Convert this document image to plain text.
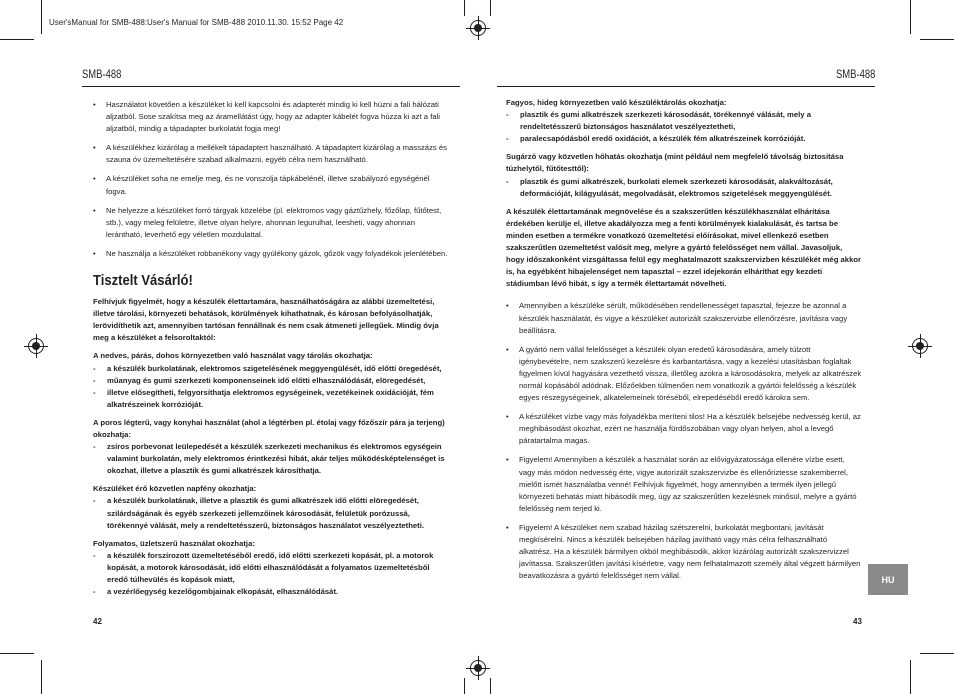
User'sManual for SMB-488:User's Manual for SMB-488 2010.11.30. 15:52 Page 42
SMB-488
• Használatot követően a készüléket ki kell kapcsolni és adapterét mindig ki kell húzni a fali hálózati aljzatból. Sose szakítsa meg az áramellátást úgy, hogy az adapter kábelét fogva húzza ki azt a fali aljzatból, mindig a tápadapter burkolatát fogja meg!
• A készülékhez kizárólag a mellékelt tápadaptert használható. A tápadaptert kizárólag a masszázs és szauna óv üzemeltetésére szabad alkalmazni, egyéb célra nem használható.
• A készüléket soha ne emelje meg, és ne vonszolja tápkábelénél, illetve szabályozó egységénél fogva.
• Ne helyezze a készüléket forró tárgyak közelébe (pl. elektromos vagy gáztűzhely, főzőlap, fűtőtest, stb.), vagy meleg felületre, illetve olyan helyre, ahonnan legurulhat, leesheti, vagy ahonnan lerántható, leverhető egy véletlen mozdulattal.
• Ne használja a készüléket robbanékony vagy gyúlékony gázok, gőzök vagy folyadékok jelenlétében.
Tisztelt Vásárló!
Felhívjuk figyelmét, hogy a készülék élettartamára, használhatóságára az alábbi üzemeltetési, illetve tárolási, környezeti behatások, körülmények kihathatnak, és károsan befolyásolhatják, lerövidíthetik azt, amennyiben tartósan fennállnak és nem csak átmeneti jellegűek. Mindig óvja meg a készüléket a felsoroltaktól:
A nedves, párás, dohos környezetben való használat vagy tárolás okozhatja:
- a készülék burkolatának, elektromos szigetelésének meggyengülését, idő előtti öregedését,
- műanyag és gumi szerkezeti komponenseinek idő előtti elhasználódását, elöregedését,
- illetve elősegítheti, felgyorsíthatja elektromos egységeinek, vezetékeinek oxidációját, fém alkatrészeinek korrózióját.
A poros légterű, vagy konyhai használat (ahol a légtérben pl. étolaj vagy főzőszír pára ja terjeng) okozhatja:
- zsíros porbevonat leülepedését a készülék szerkezeti mechanikus és elektromos egységein valamint burkolatán, mely elektromos érintkezési hibát, akár teljes működésképtelenséget is okozhat, illetve a plasztik és gumi alkatrészek károsíthatja.
Készüléket érő közvetlen napfény okozhatja:
- a készülék burkolatának, illetve a plasztik és gumi alkatrészek idő előtti elöregedését, szilárdságának és egyéb szerkezeti jellemzőinek károsodását, felületük porózussá, törékennyé válását, mely a rendeltetésszerű, biztonságos használatot veszélyeztetheti.
Folyamatos, üzletszerű használat okozhatja:
- a készülék forszírozott üzemeltetéséből eredő, idő előtti szerkezeti kopását, pl. a motorok kopását, a motorok károsodását, idő előtti elhasználódását a folyamatos üzemeltetésből eredő túlhevülés és kopások miatt,
- a vezérlőegység kezelőgombjainak elkopását, elhasználódását.
42
SMB-488
Fagyos, hideg környezetben való készüléktárolás okozhatja:
- plasztik és gumi alkatrészek szerkezeti károsodását, törékennyé válását, mely a rendeltetésszerű biztonságos használatot veszélyeztetheti,
- paralecsapódásból eredő oxidációt, a készülék fém alkatrészeinek korrózióját.
Sugárzó vagy közvetlen hőhatás okozhatja (mint például nem megfelelő távolság biztosítása túzhelytől, fűtőtesttől):
- plasztik és gumi alkatrészek, burkolati elemek szerkezeti károsodását, alakváltozását, deformációját, kilágyulását, megolvadását, elektromos szigetelések meggyengülését.
A készülék élettartamának megnövelése és a szakszerűtlen készülékhasználat elhárítása érdekében kerülje el, illetve akadályozza meg a fenti körülmények kialakulását, és tartsa be minden esetben a termékre vonatkozó üzemeltetési előírásokat, mivel ellenkező esetben szakszerűtlen üzemeltetést valósít meg, melyre a gyártó felelősséget nem vállal. Javasoljuk, hogy időszakonként vizsgáltassa felül egy meghatalmazott szakszervizben készülékét még akkor is, ha egyébként hibajelenséget nem tapasztal – ezzel idejekorán elháríthat egy kezdeti stádiumban lévő hibát, s így a termék élettartamát növelheti.
• Amennyiben a készüléke sérült, működésében rendellenességet tapasztal, fejezze be azonnal a készülék használatát, és vigye a készüléket autorizált szakszervizbe ellenőrzésre, javításra vagy beállításra.
• A gyártó nem vállal felelősséget a készülék olyan eredetű károsodására, amely túlzott igénybevételre, nem szakszerű kezelésre és karbantartásra, vagy a kezelési utasításban foglaltak figyelmen kívül hagyására vezethető vissza, illetőleg azokra a károsodásokra, melyek az alkatrészek normál kopásából adódnak. Előzőekben túlmenően nem vonatkozik a gyártói felelősség a készülék egyes részegységeinek, alkatelemeinek töréséből, elrepedéséből eredő károkra sem.
• A készüléket vízbe vagy más folyadékba meríteni tilos! Ha a készülék belsejébe nedvesség kerül, az meghibásodást okozhat, ezért ne használja fürdőszobában vagy olyan helyen, ahol a levegő páratartalma magas.
• Figyelem! Amennyiben a készülék a használat során az elővigyázatossága ellenére vízbe esett, vagy más módon nedvesség érte, vigye autorizált szakszervizbe és ellenőriztesse szakemberrel, mielőtt ismét használatba venné! Felhívjuk figyelmét, hogy amennyiben a termék ilyen jellegű környezeti behatás miatt hibásodik meg, úgy az szakszerűtlen kezelésnek minősül, melyre a gyártó felelősség nem terjed ki.
• Figyelem! A készüléket nem szabad házilag szétszerelni, burkolatát megbontani, javítását megkísérelni. Nincs a készülék belsejében házilag javítható vagy más célra felhasználható alkatrész. Ha a készülék bármilyen okból meghibásodik, akkor kizárólag autorizált szakszervizzel javíttassa. Szakszerűtlen javítási kísérletre, vagy nem felhatalmazott személy által végzett bármilyen beavatkozásra a gyártó felelősséget nem vállal.	HU
43
